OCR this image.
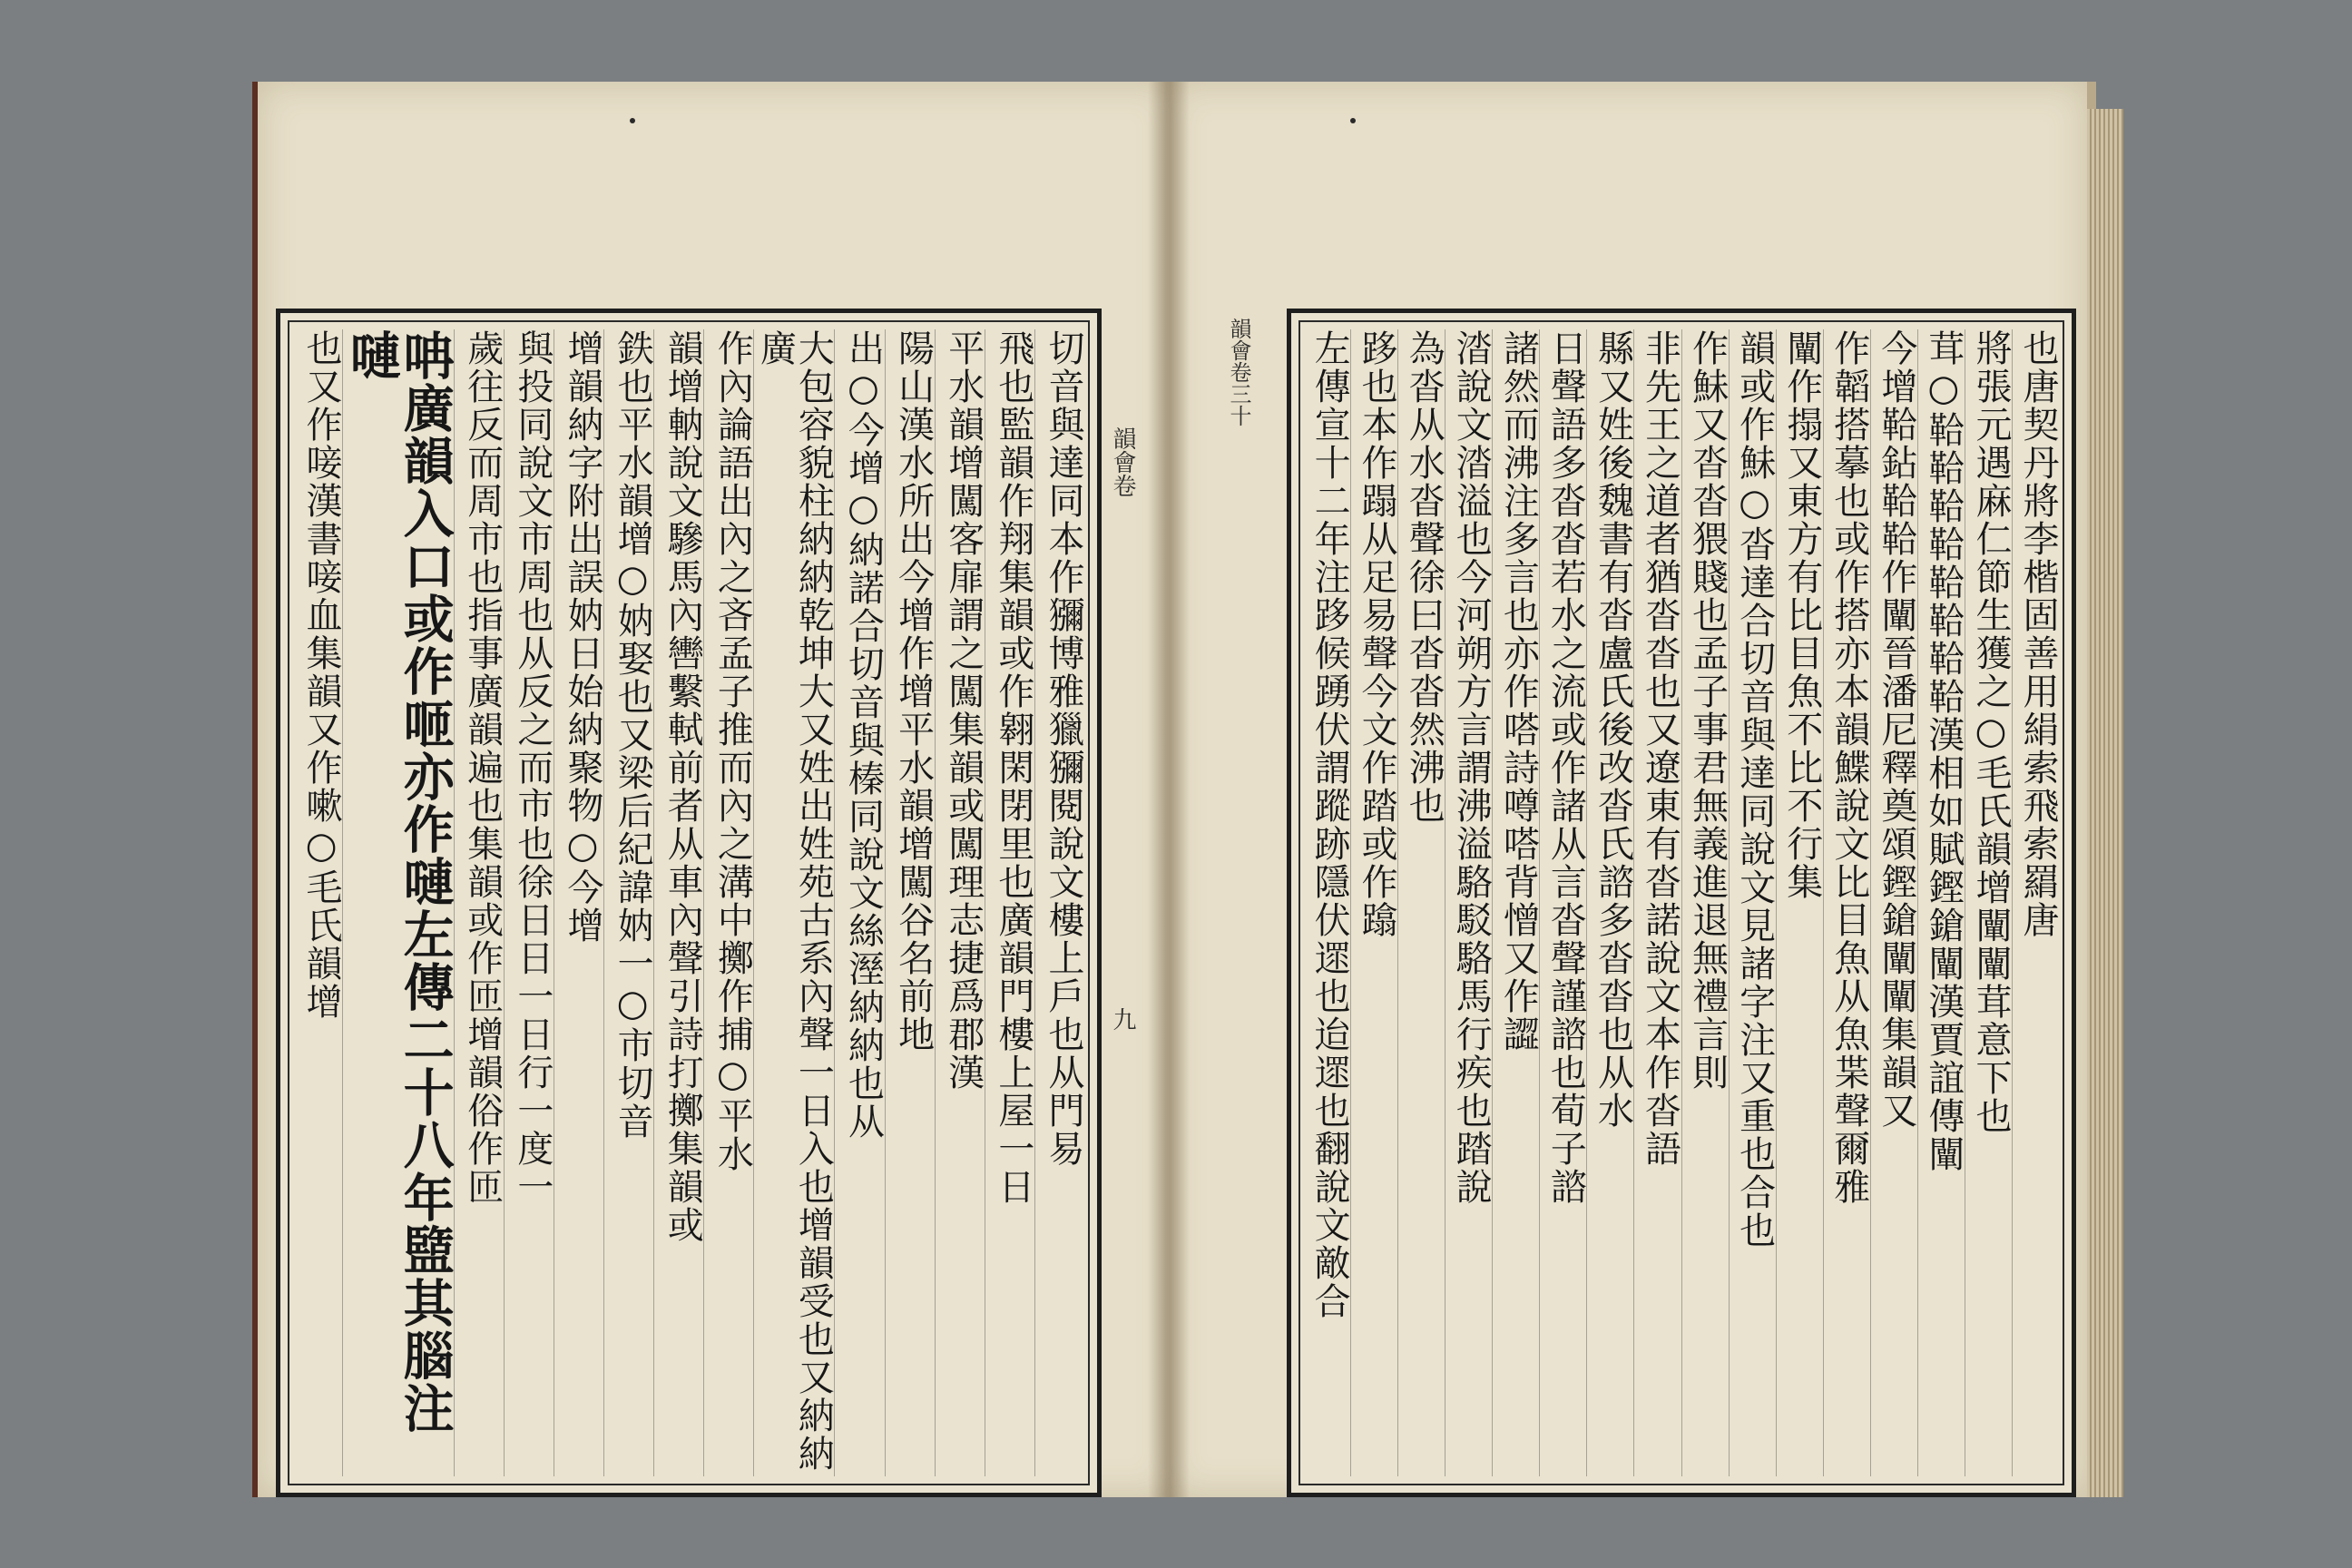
切音與達同本作獼博雅獵獼閱說文樓上戶也从門易
飛也監韻作翔集韻或作翱閑閉里也廣韻門樓上屋一日
平水韻增闖客扉謂之闖集韻或闖理志捷爲郡漢
陽山漢水所出今增作增平水韻增闖谷名前地
出○今增○納諾合切音與榛同說文絲溼納納也从
大包容貌柱納納乾坤大又姓出姓苑古系內聲一日入也增韻受也又納納廣
作內論語出內之吝孟子推而內之溝中擲作捕○平水
韻增軜說文驂馬內轡繫軾前者从車內聲引詩打擲集韻或
鉄也平水韻增○妠娶也又梁后紀諱妠一○市切音
增韻納字附出誤妠日始納聚物○今增
與投同說文市周也从反之而市也徐日日一日行一度一
歲往反而周市也指事廣韻遍也集韻或作匝增韻俗作匝
呥廣韻入口或作咂亦作嗹左傳二十八年盬其腦注嗹
也又作唼漢書唼血集韻又作嗽○毛氏韻增	韻會卷
九
韻會卷三十	也唐契丹將李楷固善用絹索飛索羂唐
將張元遇麻仁節生獲之○毛氏韻增闡闡茸意下也
茸○鞈鞈鞈鞈鞈鞈鞈鞈漢相如賦鏗鎗闡漢賈誼傳闡
今增鞈鉆鞈鞈作闡晉潘尼釋奠頌鏗鎗闡闡集韻又
作韜搭摹也或作搭亦本韻鰈說文比目魚从魚枼聲爾雅
闡作搨又東方有比目魚不比不行集
韻或作鮇○沓達合切音與達同說文見諸字注又重也合也
作鮇又沓沓猥賤也孟子事君無義進退無禮言則
非先王之道者猶沓沓也又遼東有沓諾說文本作沓語
縣又姓後魏書有沓盧氏後改沓氏諮多沓沓也从水
日聲語多沓沓若水之流或作諸从言沓聲謹諮也荀子諮
諸然而沸注多言也亦作嗒詩噂嗒背憎又作譅
涾說文涾溢也今河朔方言謂沸溢駱駁駱馬行疾也踏說
為沓从水沓聲徐曰沓沓然沸也
跢也本作蹋从足易聲今文作踏或作蹹
左傳宣十二年注跢候踴伏謂蹤跡隱伏遝也迨遝也翻說文敵合
